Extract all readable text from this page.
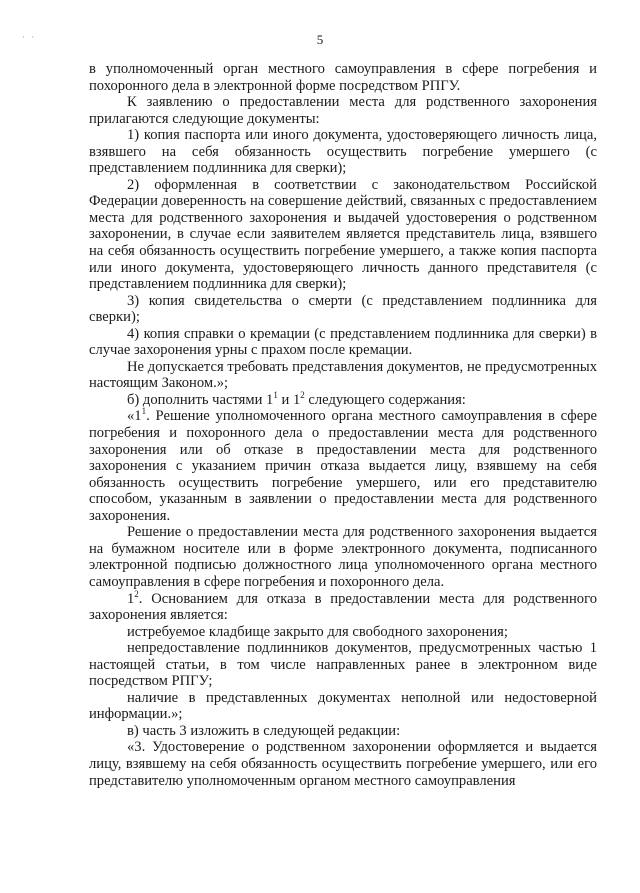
· ·	5

в уполномоченный орган местного самоуправления в сфере погребения и похоронного дела в электронной форме посредством РПГУ.

К заявлению о предоставлении места для родственного захоронения прилагаются следующие документы:

1) копия паспорта или иного документа, удостоверяющего личность лица, взявшего на себя обязанность осуществить погребение умершего (с представлением подлинника для сверки);

2) оформленная в соответствии с законодательством Российской Федерации доверенность на совершение действий, связанных с предоставлением места для родственного захоронения и выдачей удостоверения о родственном захоронении, в случае если заявителем является представитель лица, взявшего на себя обязанность осуществить погребение умершего, а также копия паспорта или иного документа, удостоверяющего личность данного представителя (с представлением подлинника для сверки);

3) копия свидетельства о смерти (с представлением подлинника для сверки);

4) копия справки о кремации (с представлением подлинника для сверки) в случае захоронения урны с прахом после кремации.

Не допускается требовать представления документов, не предусмотренных настоящим Законом.»;

б) дополнить частями $1^1$ и $1^2$ следующего содержания:

«$1^1$. Решение уполномоченного органа местного самоуправления в сфере погребения и похоронного дела о предоставлении места для родственного захоронения или об отказе в предоставлении места для родственного захоронения с указанием причин отказа выдается лицу, взявшему на себя обязанность осуществить погребение умершего, или его представителю способом, указанным в заявлении о предоставлении места для родственного захоронения.

Решение о предоставлении места для родственного захоронения выдается на бумажном носителе или в форме электронного документа, подписанного электронной подписью должностного лица уполномоченного органа местного самоуправления в сфере погребения и похоронного дела.

$1^2$. Основанием для отказа в предоставлении места для родственного захоронения является:

истребуемое кладбище закрыто для свободного захоронения;

непредоставление подлинников документов, предусмотренных частью 1 настоящей статьи, в том числе направленных ранее в электронном виде посредством РПГУ;

наличие в представленных документах неполной или недостоверной информации.»;

в) часть 3 изложить в следующей редакции:

«3. Удостоверение о родственном захоронении оформляется и выдается лицу, взявшему на себя обязанность осуществить погребение умершего, или его представителю уполномоченным органом местного самоуправления
